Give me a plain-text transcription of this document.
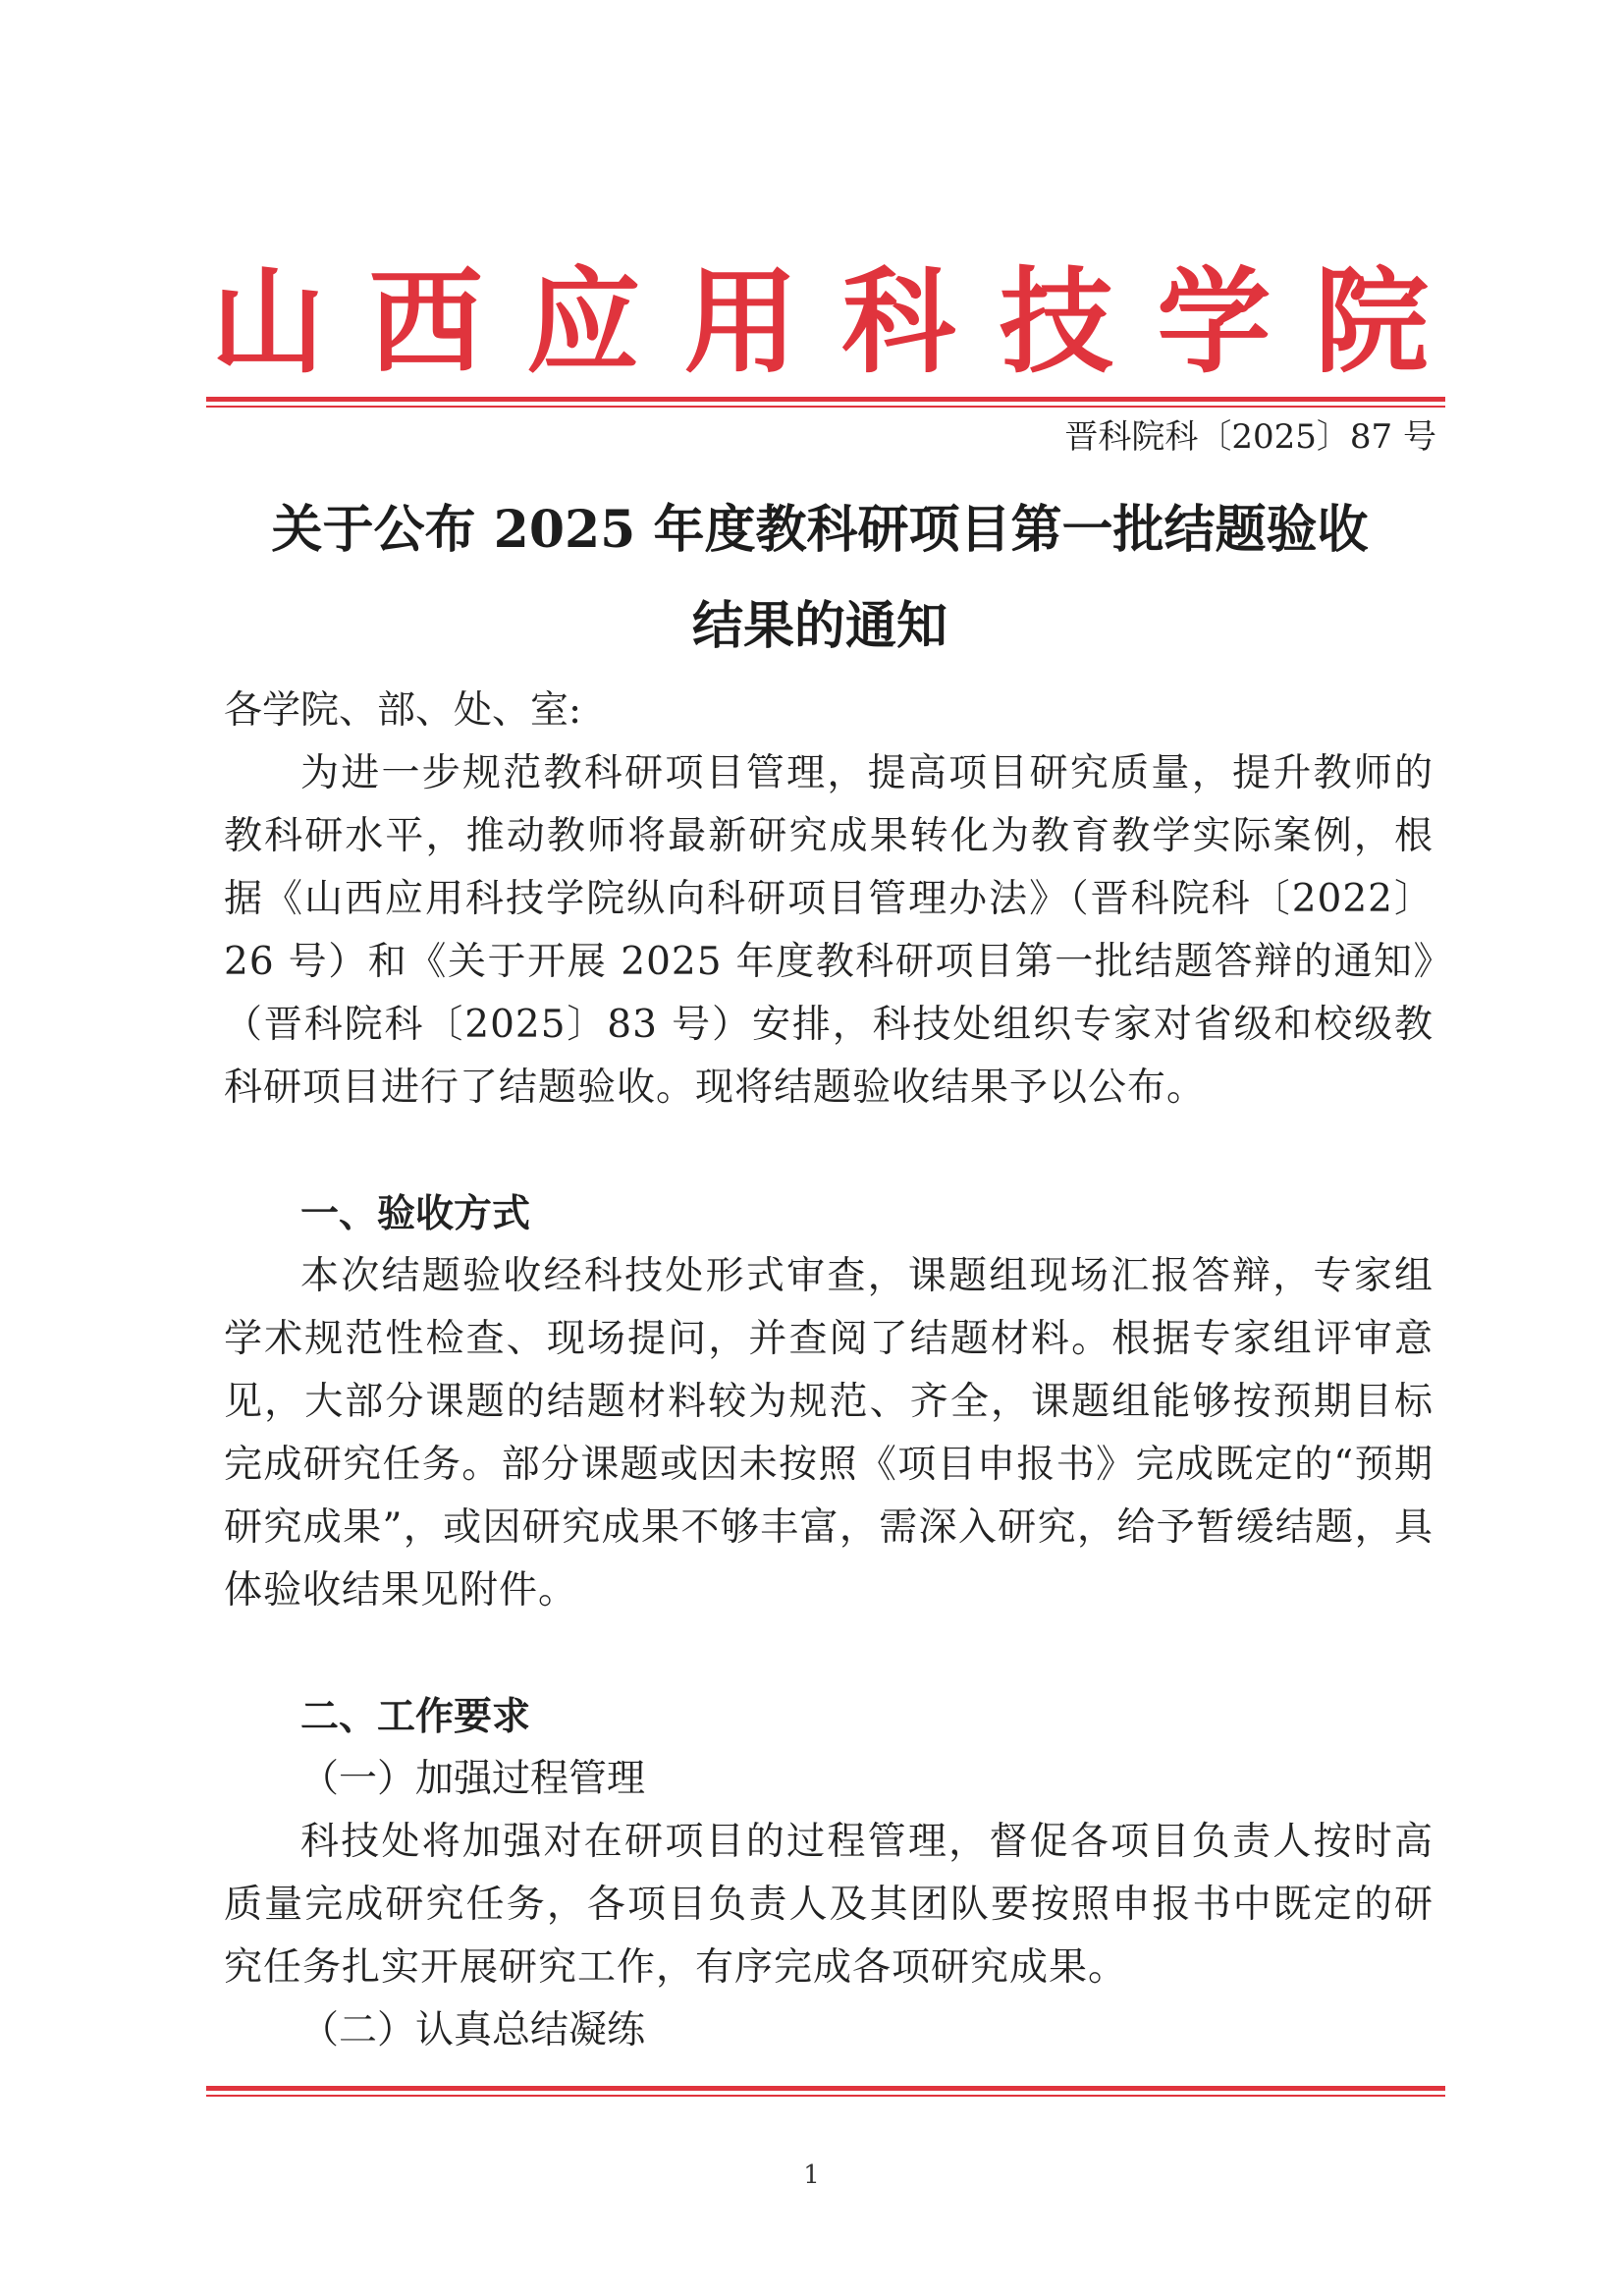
山 西 应 用 科 技 学 院
晋科院科〔2025〕87 号
关于公布 2025 年度教科研项目第一批结题验收
结果的通知
各学院、部、处、室:

为进一步规范教科研项目管理，提高项目研究质量，提升教师的教科研水平，推动教师将最新研究成果转化为教育教学实际案例，根据《山西应用科技学院纵向科研项目管理办法》（晋科院科〔2022〕26 号）和《关于开展 2025 年度教科研项目第一批结题答辩的通知》（晋科院科〔2025〕83 号）安排，科技处组织专家对省级和校级教科研项目进行了结题验收。现将结题验收结果予以公布。

一、验收方式

本次结题验收经科技处形式审查，课题组现场汇报答辩，专家组学术规范性检查、现场提问，并查阅了结题材料。根据专家组评审意见，大部分课题的结题材料较为规范、齐全，课题组能够按预期目标完成研究任务。部分课题或因未按照《项目申报书》完成既定的“预期研究成果”，或因研究成果不够丰富，需深入研究，给予暂缓结题，具体验收结果见附件。

二、工作要求
（一）加强过程管理

科技处将加强对在研项目的过程管理，督促各项目负责人按时高质量完成研究任务，各项目负责人及其团队要按照申报书中既定的研究任务扎实开展研究工作，有序完成各项研究成果。

（二）认真总结凝练
1
